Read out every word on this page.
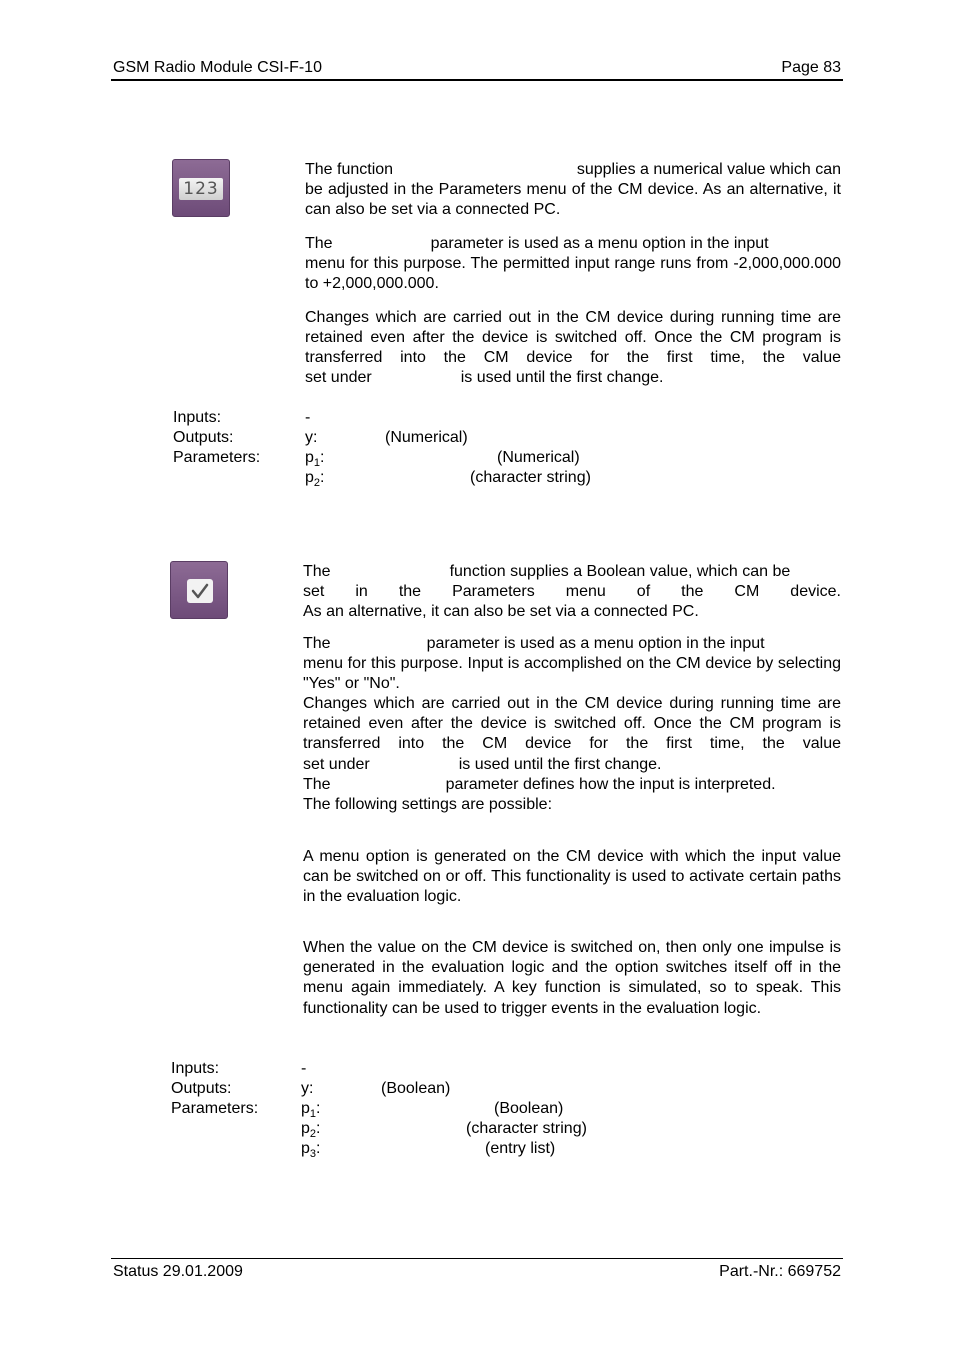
GSM Radio Module CSI-F-10	Page 83
123
The function	supplies a numerical value which can

be adjusted in the Parameters menu of the CM device. As an alternative, it can also be set via a connected PC.

The	parameter is used as a menu option in the input

menu for this purpose. The permitted input range runs from -2,000,000.000 to +2,000,000.000.

Changes which are carried out in the CM device during running time are retained even after the device is switched off. Once the CM program is transferred into the CM device for the first time, the value

set under	is used until the first change.
Inputs:	-
Outputs:	y:	(Numerical)
Parameters:	$p_1$:	(Numerical)
$p_2$:	(character string)
The	function supplies a Boolean value, which can be

set in the Parameters menu of the CM device.

As an alternative, it can also be set via a connected PC.

The	parameter is used as a menu option in the input

menu for this purpose. Input is accomplished on the CM device by selecting "Yes" or "No".

Changes which are carried out in the CM device during running time are retained even after the device is switched off. Once the CM program is transferred into the CM device for the first time, the value

set under	is used until the first change.
The	parameter defines how the input is interpreted.

The following settings are possible:

A menu option is generated on the CM device with which the input value can be switched on or off. This functionality is used to activate certain paths in the evaluation logic.

When the value on the CM device is switched on, then only one impulse is generated in the evaluation logic and the option switches itself off in the menu again immediately. A key function is simulated, so to speak. This functionality can be used to trigger events in the evaluation logic.

Inputs:	-
Outputs:	y:	(Boolean)
Parameters:	$p_1$:	(Boolean)
$p_2$:	(character string)
$p_3$:	(entry list)
Status 29.01.2009	Part.-Nr.: 669752
